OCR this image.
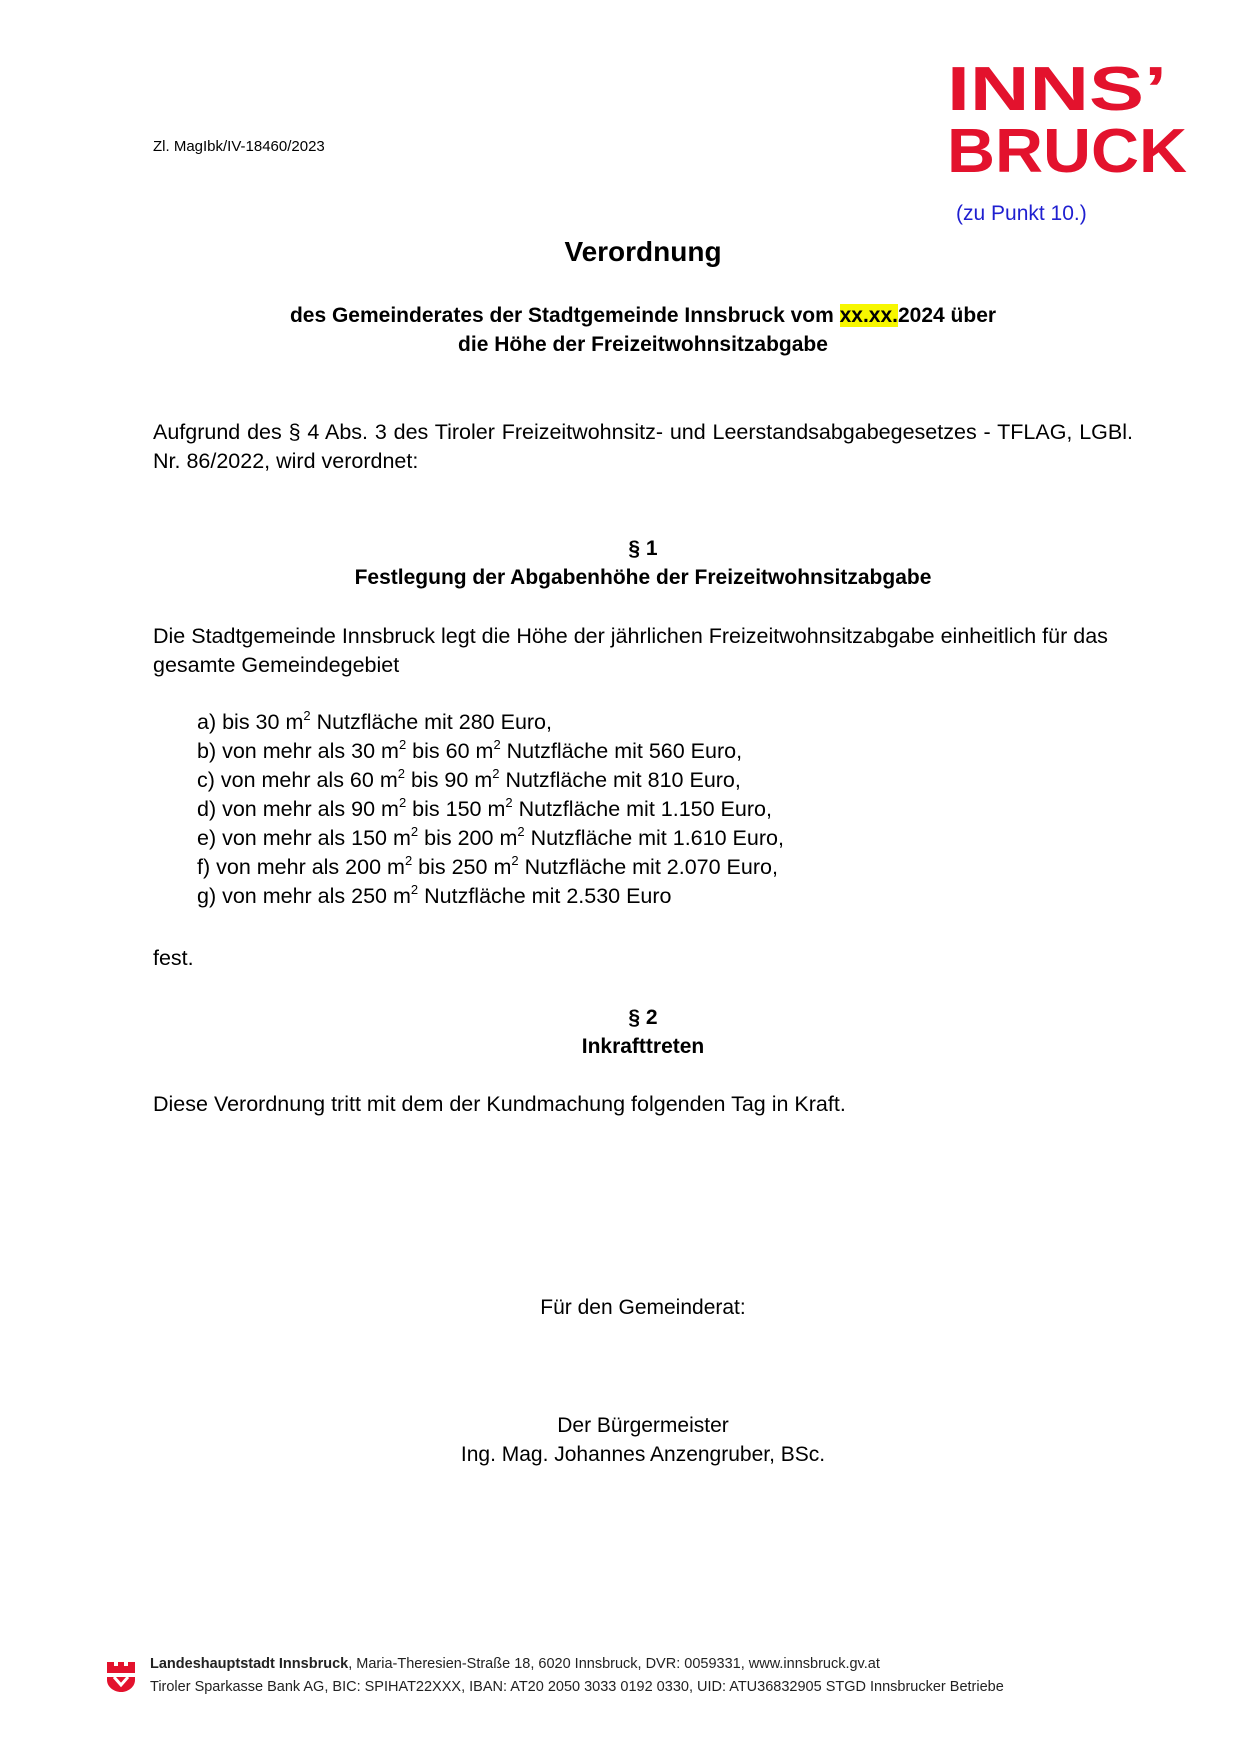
Zl. MagIbk/IV-18460/2023
INNS’
BRUCK
(zu Punkt 10.)
Verordnung
des Gemeinderates der Stadtgemeinde Innsbruck vom xx.xx.2024 über
die Höhe der Freizeitwohnsitzabgabe
Aufgrund des § 4 Abs. 3 des Tiroler Freizeitwohnsitz- und Leerstandsabgabegesetzes - TFLAG, LGBl. Nr. 86/2022, wird verordnet:
§ 1
Festlegung der Abgabenhöhe der Freizeitwohnsitzabgabe
Die Stadtgemeinde Innsbruck legt die Höhe der jährlichen Freizeitwohnsitzabgabe einheitlich für das gesamte Gemeindegebiet
a) bis 30 $m^2$ Nutzfläche mit 280 Euro,
b) von mehr als 30 $m^2$ bis 60 $m^2$ Nutzfläche mit 560 Euro,
c) von mehr als 60 $m^2$ bis 90 $m^2$ Nutzfläche mit 810 Euro,
d) von mehr als 90 $m^2$ bis 150 $m^2$ Nutzfläche mit 1.150 Euro,
e) von mehr als 150 $m^2$ bis 200 $m^2$ Nutzfläche mit 1.610 Euro,
f) von mehr als 200 $m^2$ bis 250 $m^2$ Nutzfläche mit 2.070 Euro,
g) von mehr als 250 $m^2$ Nutzfläche mit 2.530 Euro
fest.
§ 2
Inkrafttreten
Diese Verordnung tritt mit dem der Kundmachung folgenden Tag in Kraft.
Für den Gemeinderat:
Der Bürgermeister
Ing. Mag. Johannes Anzengruber, BSc.
Landeshauptstadt Innsbruck, Maria-Theresien-Straße 18, 6020 Innsbruck, DVR: 0059331, www.innsbruck.gv.at
Tiroler Sparkasse Bank AG, BIC: SPIHAT22XXX, IBAN: AT20 2050 3033 0192 0330, UID: ATU36832905 STGD Innsbrucker Betriebe
